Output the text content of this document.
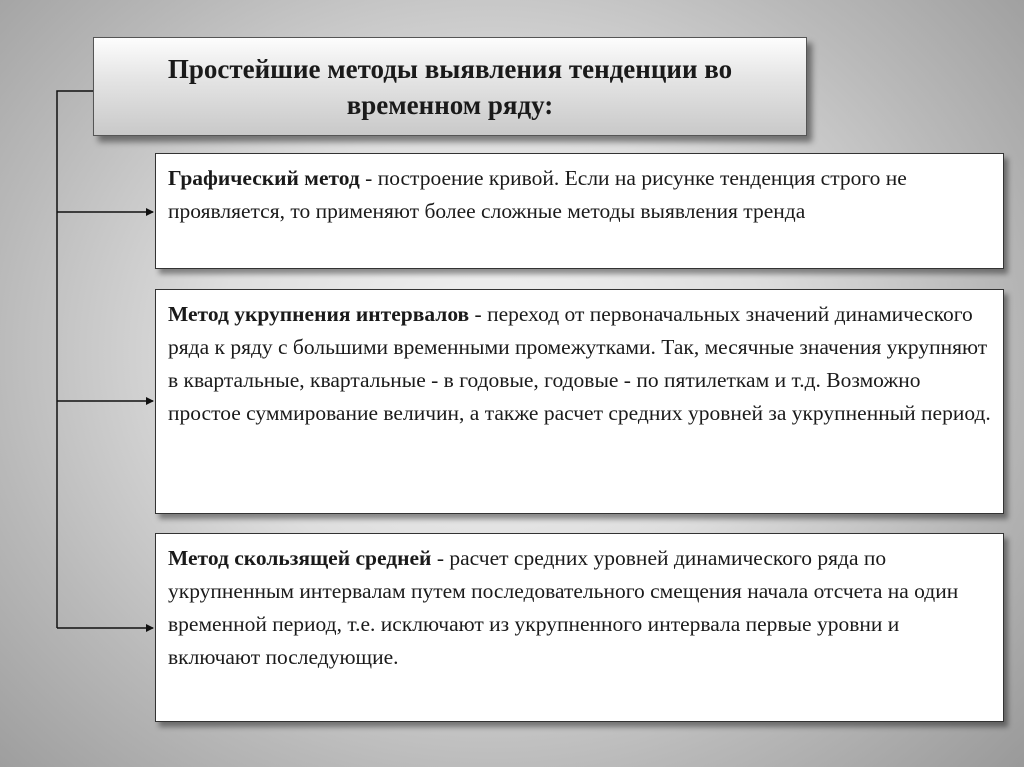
Простейшие методы выявления тенденции во временном ряду:
Графический метод - построение кривой. Если на рисунке тенденция строго не проявляется, то применяют более сложные методы выявления тренда
Метод укрупнения интервалов - переход от первоначальных значений динамического ряда к ряду с большими временными промежутками. Так, месячные значения укрупняют в квартальные, квартальные - в годовые, годовые - по пятилеткам и т.д. Возможно простое суммирование величин, а также расчет средних уровней за укрупненный период.
Метод скользящей средней - расчет средних уровней динамического ряда по укрупненным интервалам путем последовательного смещения начала отсчета на один временной период, т.е. исключают из укрупненного интервала первые уровни и включают последующие.
